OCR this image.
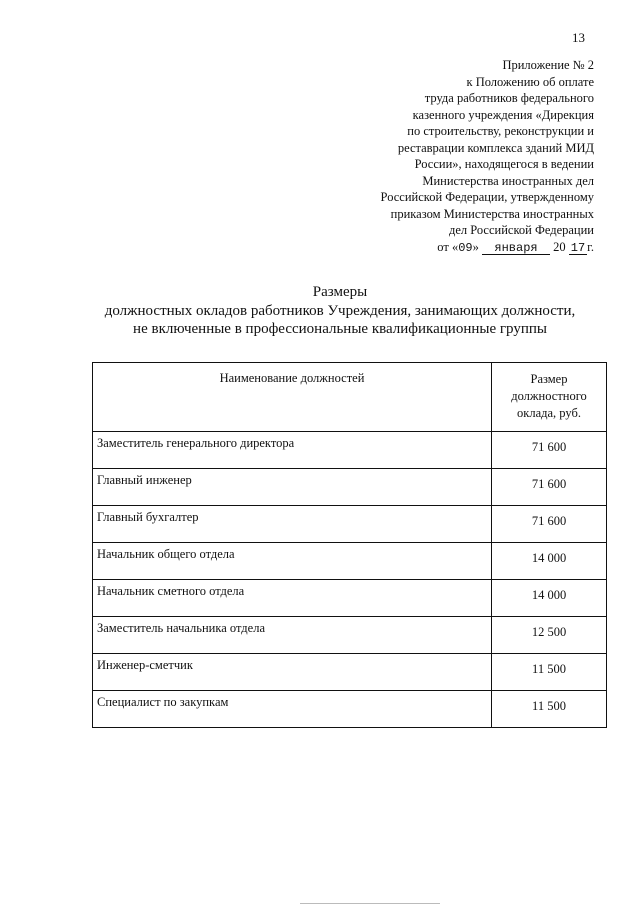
13
Приложение № 2
к Положению об оплате
труда работников федерального
казенного учреждения «Дирекция
по строительству, реконструкции и
реставрации комплекса зданий МИД
России», находящегося в ведении
Министерства иностранных дел
Российской Федерации, утвержденному
приказом Министерства иностранных
дел Российской Федерации
от «09» января 20 17 г.
Размеры
должностных окладов работников Учреждения, занимающих должности,
не включенные в профессиональные квалификационные группы
Наименование должностей	Размер
должностного
оклада, руб.
Заместитель генерального директора	71 600
Главный инженер	71 600
Главный бухгалтер	71 600
Начальник общего отдела	14 000
Начальник сметного отдела	14 000
Заместитель начальника отдела	12 500
Инженер-сметчик	11 500
Специалист по закупкам	11 500
